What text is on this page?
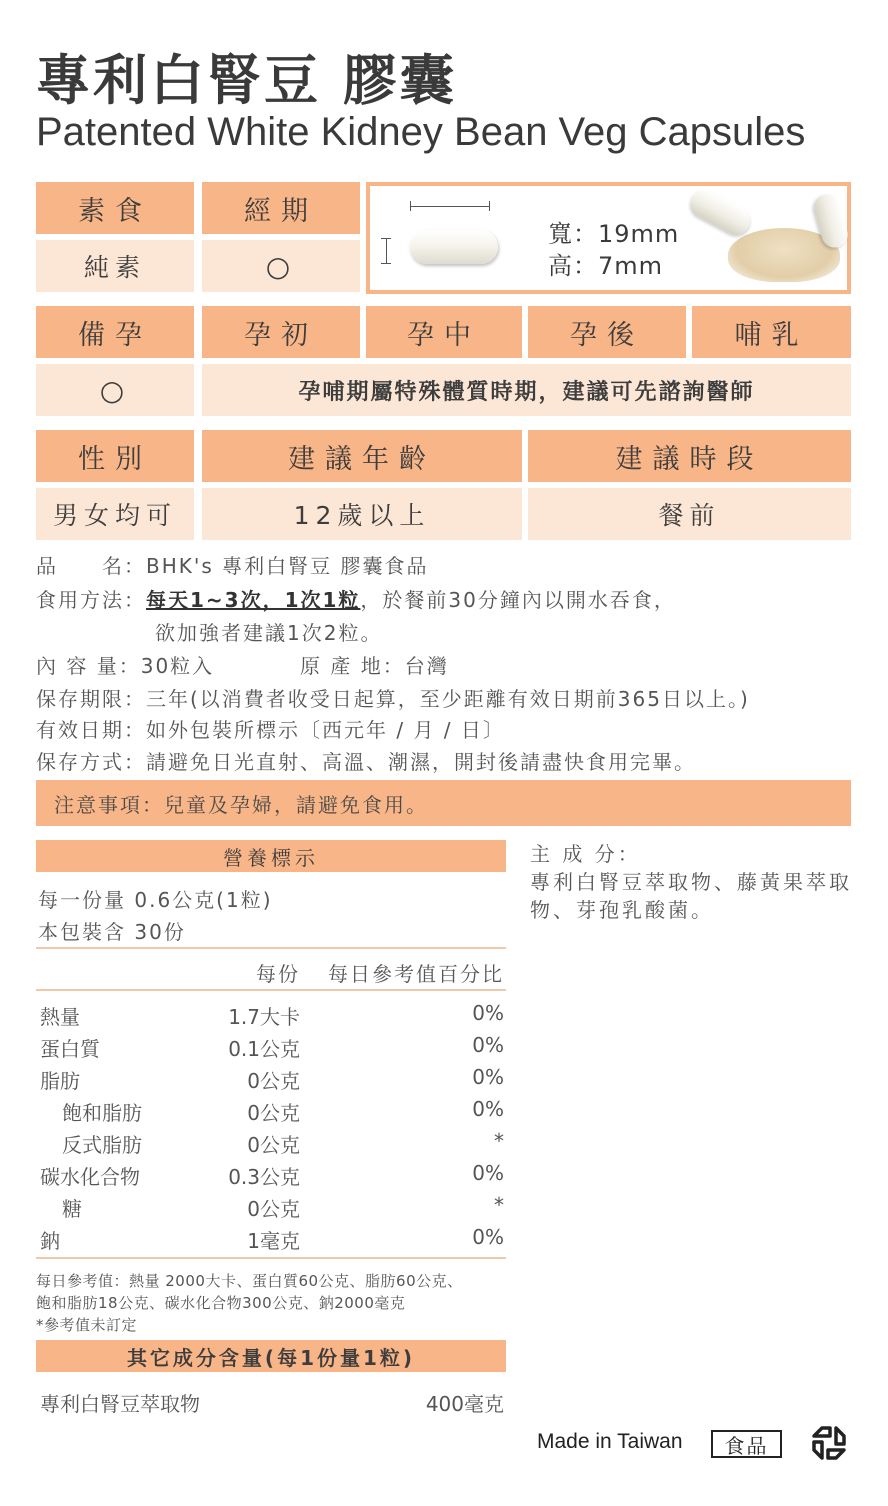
專利白腎豆 膠囊
Patented White Kidney Bean Veg Capsules
素食	經期
純素	○
寬：19mm
高：7mm
備孕	孕初	孕中	孕後	哺乳
○	孕哺期屬特殊體質時期，建議可先諮詢醫師
性別	建議年齡	建議時段
男女均可	12歲以上	餐前
品　　名：BHK's 專利白腎豆 膠囊食品
食用方法：每天1~3次，1次1粒，於餐前30分鐘內以開水吞食，
欲加強者建議1次2粒。
內 容 量：30粒入	原 產 地：台灣
保存期限：三年(以消費者收受日起算，至少距離有效日期前365日以上。)
有效日期：如外包裝所標示〔西元年 / 月 / 日〕
保存方式：請避免日光直射、高溫、潮濕，開封後請盡快食用完畢。
注意事項：兒童及孕婦，請避免食用。
營養標示
每一份量 0.6公克(1粒)
本包裝含 30份
每份 每日參考值百分比
熱量	1.7大卡	0%
蛋白質	0.1公克	0%
脂肪	0公克	0%
飽和脂肪	0公克	0%
反式脂肪	0公克	*
碳水化合物	0.3公克	0%
糖	0公克	*
鈉	1毫克	0%
每日參考值：熱量 2000大卡、蛋白質60公克、脂肪60公克、
飽和脂肪18公克、碳水化合物300公克、鈉2000毫克
*參考值未訂定
其它成分含量(每1份量1粒)
專利白腎豆萃取物	400毫克
主 成 分：
專利白腎豆萃取物、藤黃果萃取
物、芽孢乳酸菌。
Made in Taiwan	食品
